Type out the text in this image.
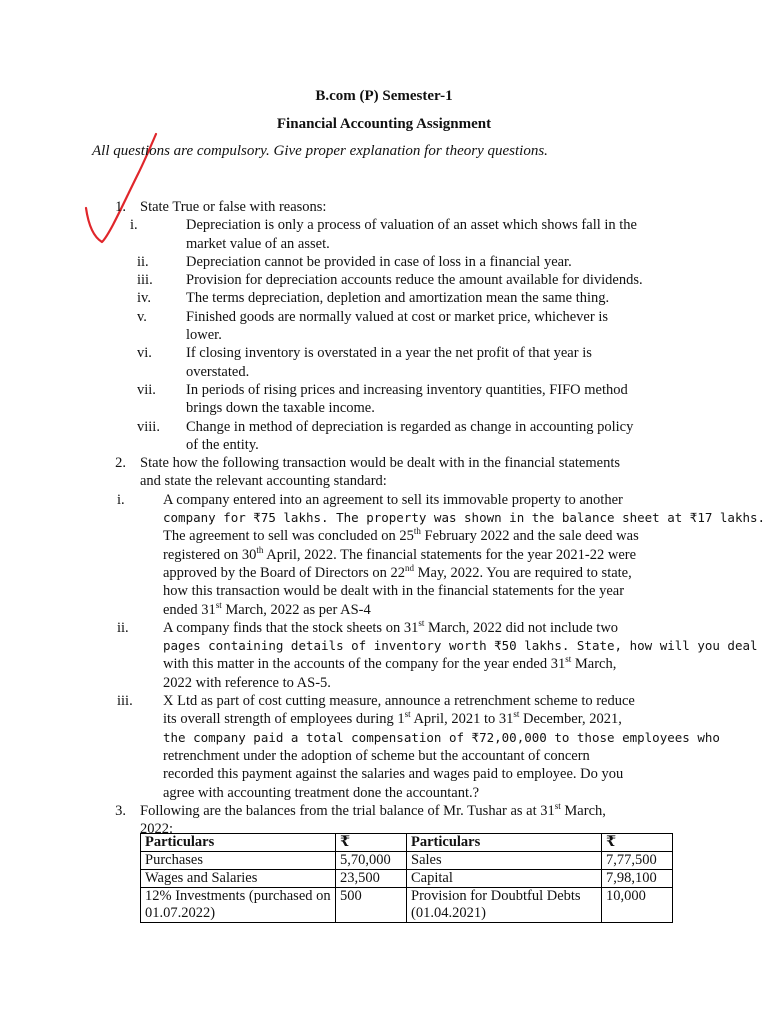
B.com (P) Semester-1
Financial Accounting Assignment
All questions are compulsory. Give proper explanation for theory questions.
1. State True or false with reasons:
i.	Depreciation is only a process of valuation of an asset which shows fall in the
market value of an asset.
ii.	Depreciation cannot be provided in case of loss in a financial year.
iii. Provision for depreciation accounts reduce the amount available for dividends.
iv.	The terms depreciation, depletion and amortization mean the same thing.
v.	Finished goods are normally valued at cost or market price, whichever is
lower.
vi.	If closing inventory is overstated in a year the net profit of that year is
overstated.
vii. In periods of rising prices and increasing inventory quantities, FIFO method
brings down the taxable income.
viii. Change in method of depreciation is regarded as change in accounting policy
of the entity.
2. State how the following transaction would be dealt with in the financial statements
and state the relevant accounting standard:
i.	A company entered into an agreement to sell its immovable property to another
company for ₹75 lakhs. The property was shown in the balance sheet at ₹17 lakhs.
The agreement to sell was concluded on 25th February 2022 and the sale deed was
registered on 30th April, 2022. The financial statements for the year 2021-22 were
approved by the Board of Directors on 22nd May, 2022. You are required to state,
how this transaction would be dealt with in the financial statements for the year
ended 31st March, 2022 as per AS-4
ii.	A company finds that the stock sheets on 31st March, 2022 did not include two
pages containing details of inventory worth ₹50 lakhs. State, how will you deal
with this matter in the accounts of the company for the year ended 31st March,
2022 with reference to AS-5.
iii. X Ltd as part of cost cutting measure, announce a retrenchment scheme to reduce
its overall strength of employees during 1st April, 2021 to 31st December, 2021,
the company paid a total compensation of ₹72,00,000 to those employees who
retrenchment under the adoption of scheme but the accountant of concern
recorded this payment against the salaries and wages paid to employee. Do you
agree with accounting treatment done the accountant.?
3. Following are the balances from the trial balance of Mr. Tushar as at 31st March,
2022:
Particulars	₹	Particulars	₹
Purchases	5,70,000	Sales	7,77,500
Wages and Salaries	23,500	Capital	7,98,100
12% Investments (purchased on 01.07.2022)	500	Provision for Doubtful Debts (01.04.2021)	10,000
